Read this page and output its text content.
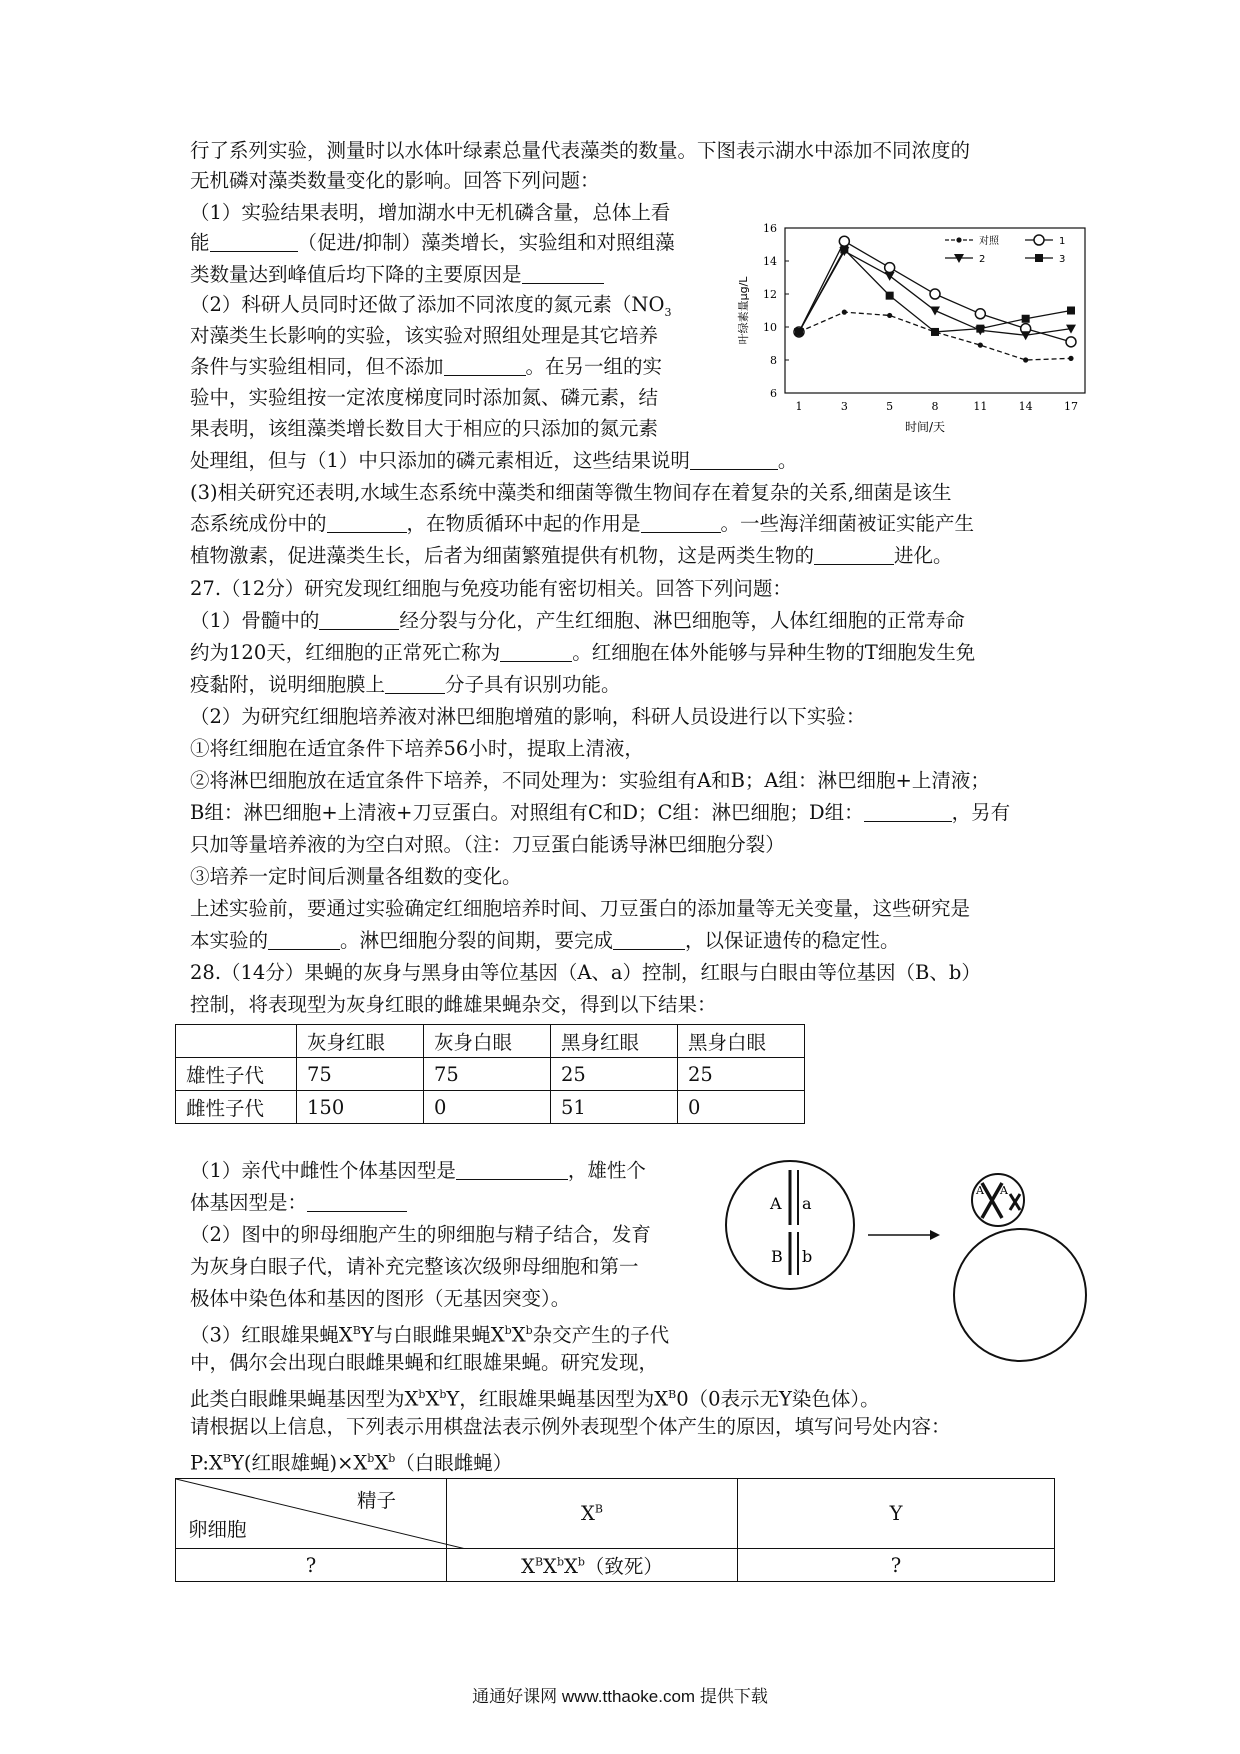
行了系列实验，测量时以水体叶绿素总量代表藻类的数量。下图表示湖水中添加不同浓度的
无机磷对藻类数量变化的影响。回答下列问题：
（1）实验结果表明，增加湖水中无机磷含量，总体上看
能	（促进/抑制）藻类增长，实验组和对照组藻
类数量达到峰值后均下降的主要原因是
（2）科研人员同时还做了添加不同浓度的氮元素（$NO_3$
对藻类生长影响的实验，该实验对照组处理是其它培养
条件与实验组相同，但不添加	。在另一组的实
验中，实验组按一定浓度梯度同时添加氮、磷元素，结
果表明，该组藻类增长数目大于相应的只添加的氮元素
处理组，但与（1）中只添加的磷元素相近，这些结果说明	。
(3)相关研究还表明,水域生态系统中藻类和细菌等微生物间存在着复杂的关系,细菌是该生
态系统成份中的	，在物质循环中起的作用是	。一些海洋细菌被证实能产生
植物激素，促进藻类生长，后者为细菌繁殖提供有机物，这是两类生物的	进化。
27.（12分）研究发现红细胞与免疫功能有密切相关。回答下列问题：
（1）骨髓中的	经分裂与分化，产生红细胞、淋巴细胞等，人体红细胞的正常寿命
约为120天，红细胞的正常死亡称为	。红细胞在体外能够与异种生物的T细胞发生免
疫黏附，说明细胞膜上	分子具有识别功能。
（2）为研究红细胞培养液对淋巴细胞增殖的影响，科研人员设进行以下实验：
①将红细胞在适宜条件下培养56小时，提取上清液，
②将淋巴细胞放在适宜条件下培养，不同处理为：实验组有A和B；A组：淋巴细胞+上清液；
B组：淋巴细胞+上清液+刀豆蛋白。对照组有C和D；C组：淋巴细胞；D组：	，另有
只加等量培养液的为空白对照。（注：刀豆蛋白能诱导淋巴细胞分裂）
③培养一定时间后测量各组数的变化。
上述实验前，要通过实验确定红细胞培养时间、刀豆蛋白的添加量等无关变量，这些研究是
本实验的	。淋巴细胞分裂的间期，要完成	，以保证遗传的稳定性。
28.（14分）果蝇的灰身与黑身由等位基因（A、a）控制，红眼与白眼由等位基因（B、b）
控制，将表现型为灰身红眼的雌雄果蝇杂交，得到以下结果：
	灰身红眼	灰身白眼	黑身红眼	黑身白眼
雄性子代	75	75	25	25
雌性子代	150	0	51	0
（1）亲代中雌性个体基因型是	，雄性个
体基因型是：
（2）图中的卵母细胞产生的卵细胞与精子结合，发育
为灰身白眼子代，请补充完整该次级卵母细胞和第一
极体中染色体和基因的图形（无基因突变）。
（3）红眼雄果蝇$X^BY$与白眼雌果蝇$X^bX^b$杂交产生的子代
中，偶尔会出现白眼雌果蝇和红眼雄果蝇。研究发现，
此类白眼雌果蝇基因型为$X^bX^bY$，红眼雄果蝇基因型为$X^B0(0$表示无Y染色体）。
请根据以上信息，下列表示用棋盘法表示例外表现型个体产生的原因，填写问号处内容：
$P:X^BY$(红眼雄蝇)$\times X^bX^b$（白眼雌蝇）
精子
卵细胞	$X^B$	Y
?	$X^BX^bX^b$（致死）	?
6
8
10
12
14
16
1	3	5	8	11	14	17
时间/天
叶绿素量μg/L
对照	1
2	3
A a
B b
A A
通通好课网 www.tthaoke.com 提供下载
